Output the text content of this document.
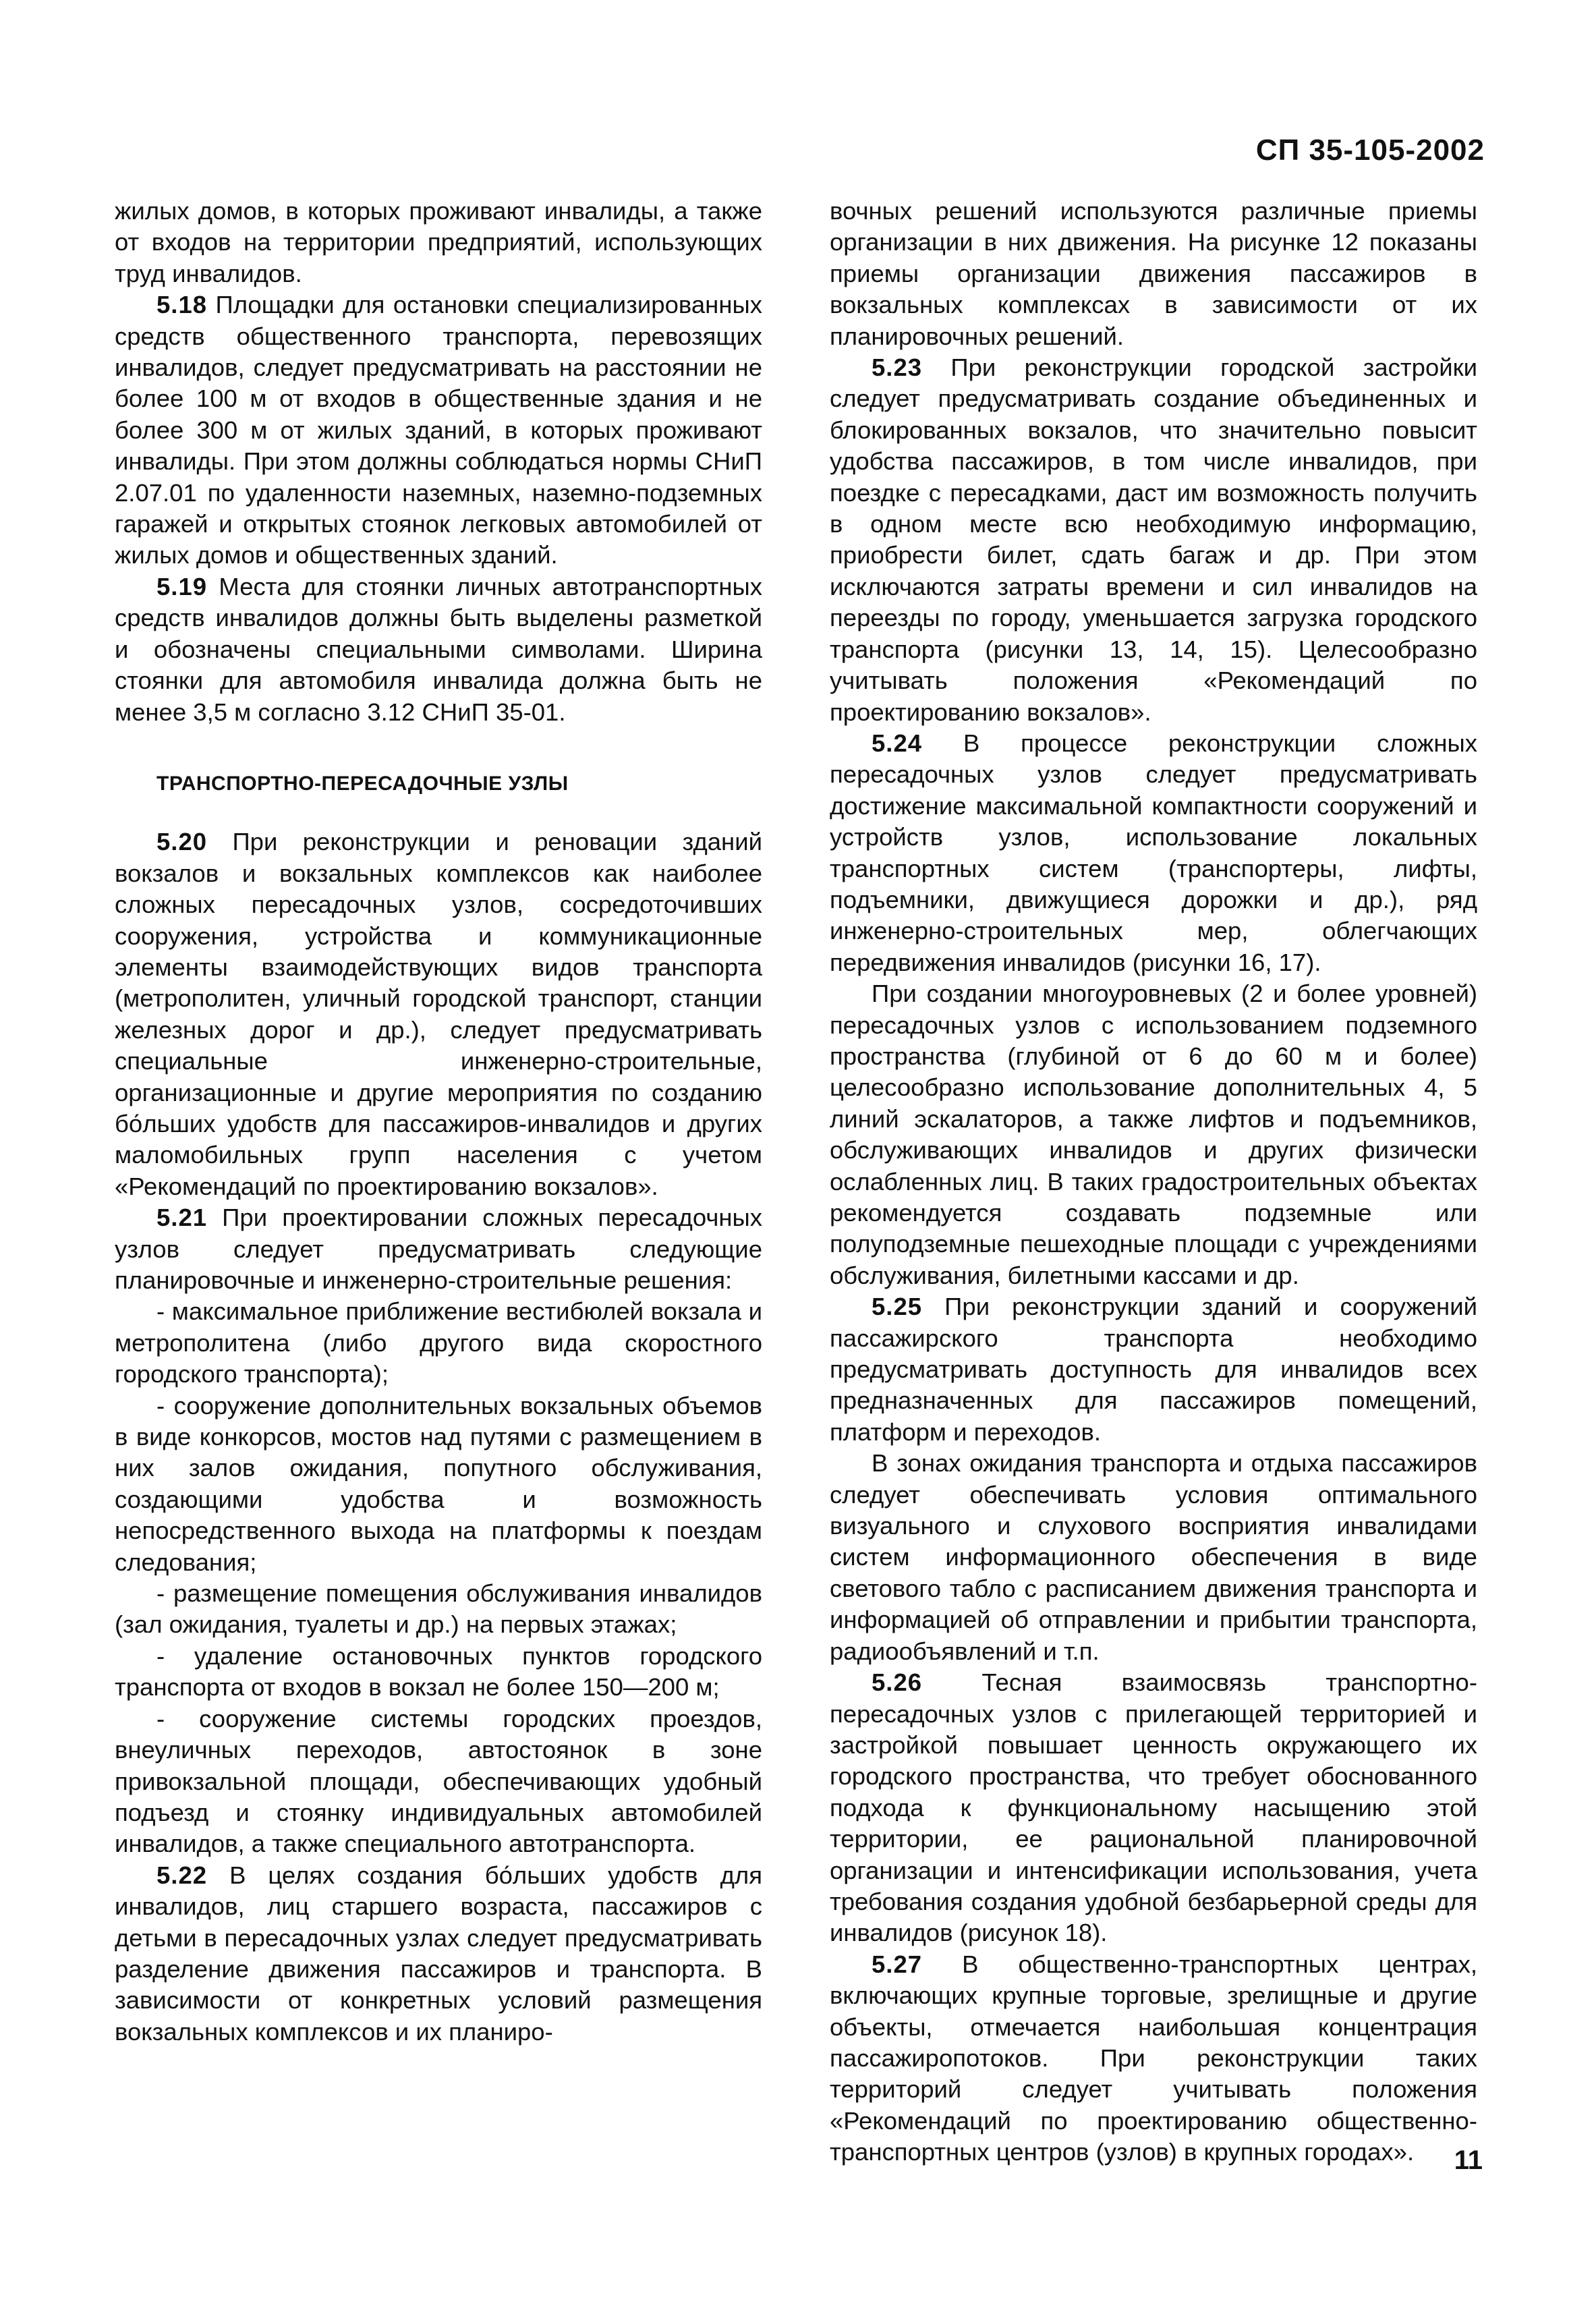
СП 35-105-2002

жилых домов, в которых проживают инвалиды, а также от входов на территории предприятий, использующих труд инвалидов.

5.18 Площадки для остановки специализированных средств общественного транспорта, перевозящих инвалидов, следует предусматривать на расстоянии не более 100 м от входов в общественные здания и не более 300 м от жилых зданий, в которых проживают инвалиды. При этом должны соблюдаться нормы СНиП 2.07.01 по удаленности наземных, наземно-подземных гаражей и открытых стоянок легковых автомобилей от жилых домов и общественных зданий.

5.19 Места для стоянки личных автотранспортных средств инвалидов должны быть выделены разметкой и обозначены специальными символами. Ширина стоянки для автомобиля инвалида должна быть не менее 3,5 м согласно 3.12 СНиП 35-01.

ТРАНСПОРТНО-ПЕРЕСАДОЧНЫЕ УЗЛЫ

5.20 При реконструкции и реновации зданий вокзалов и вокзальных комплексов как наиболее сложных пересадочных узлов, сосредоточивших сооружения, устройства и коммуникационные элементы взаимодействующих видов транспорта (метрополитен, уличный городской транспорт, станции железных дорог и др.), следует предусматривать специальные инженерно-строительные, организационные и другие мероприятия по созданию бо́льших удобств для пассажиров-инвалидов и других маломобильных групп населения с учетом «Рекомендаций по проектированию вокзалов».

5.21 При проектировании сложных пересадочных узлов следует предусматривать следующие планировочные и инженерно-строительные решения:

- максимальное приближение вестибюлей вокзала и метрополитена (либо другого вида скоростного городского транспорта);

- сооружение дополнительных вокзальных объемов в виде конкорсов, мостов над путями с размещением в них залов ожидания, попутного обслуживания, создающими удобства и возможность непосредственного выхода на платформы к поездам следования;

- размещение помещения обслуживания инвалидов (зал ожидания, туалеты и др.) на первых этажах;

- удаление остановочных пунктов городского транспорта от входов в вокзал не более 150—200 м;

- сооружение системы городских проездов, внеуличных переходов, автостоянок в зоне привокзальной площади, обеспечивающих удобный подъезд и стоянку индивидуальных автомобилей инвалидов, а также специального автотранспорта.

5.22 В целях создания бо́льших удобств для инвалидов, лиц старшего возраста, пассажиров с детьми в пересадочных узлах следует предусматривать разделение движения пассажиров и транспорта. В зависимости от конкретных условий размещения вокзальных комплексов и их планиро-

вочных решений используются различные приемы организации в них движения. На рисунке 12 показаны приемы организации движения пассажиров в вокзальных комплексах в зависимости от их планировочных решений.

5.23 При реконструкции городской застройки следует предусматривать создание объединенных и блокированных вокзалов, что значительно повысит удобства пассажиров, в том числе инвалидов, при поездке с пересадками, даст им возможность получить в одном месте всю необходимую информацию, приобрести билет, сдать багаж и др. При этом исключаются затраты времени и сил инвалидов на переезды по городу, уменьшается загрузка городского транспорта (рисунки 13, 14, 15). Целесообразно учитывать положения «Рекомендаций по проектированию вокзалов».

5.24 В процессе реконструкции сложных пересадочных узлов следует предусматривать достижение максимальной компактности сооружений и устройств узлов, использование локальных транспортных систем (транспортеры, лифты, подъемники, движущиеся дорожки и др.), ряд инженерно-строительных мер, облегчающих передвижения инвалидов (рисунки 16, 17).

При создании многоуровневых (2 и более уровней) пересадочных узлов с использованием подземного пространства (глубиной от 6 до 60 м и более) целесообразно использование дополнительных 4, 5 линий эскалаторов, а также лифтов и подъемников, обслуживающих инвалидов и других физически ослабленных лиц. В таких градостроительных объектах рекомендуется создавать подземные или полуподземные пешеходные площади с учреждениями обслуживания, билетными кассами и др.

5.25 При реконструкции зданий и сооружений пассажирского транспорта необходимо предусматривать доступность для инвалидов всех предназначенных для пассажиров помещений, платформ и переходов.

В зонах ожидания транспорта и отдыха пассажиров следует обеспечивать условия оптимального визуального и слухового восприятия инвалидами систем информационного обеспечения в виде светового табло с расписанием движения транспорта и информацией об отправлении и прибытии транспорта, радиообъявлений и т.п.

5.26 Тесная взаимосвязь транспортно-пересадочных узлов с прилегающей территорией и застройкой повышает ценность окружающего их городского пространства, что требует обоснованного подхода к функциональному насыщению этой территории, ее рациональной планировочной организации и интенсификации использования, учета требования создания удобной безбарьерной среды для инвалидов (рисунок 18).

5.27 В общественно-транспортных центрах, включающих крупные торговые, зрелищные и другие объекты, отмечается наибольшая концентрация пассажиропотоков. При реконструкции таких территорий следует учитывать положения «Рекомендаций по проектированию общественно-транспортных центров (узлов) в крупных городах».	11
